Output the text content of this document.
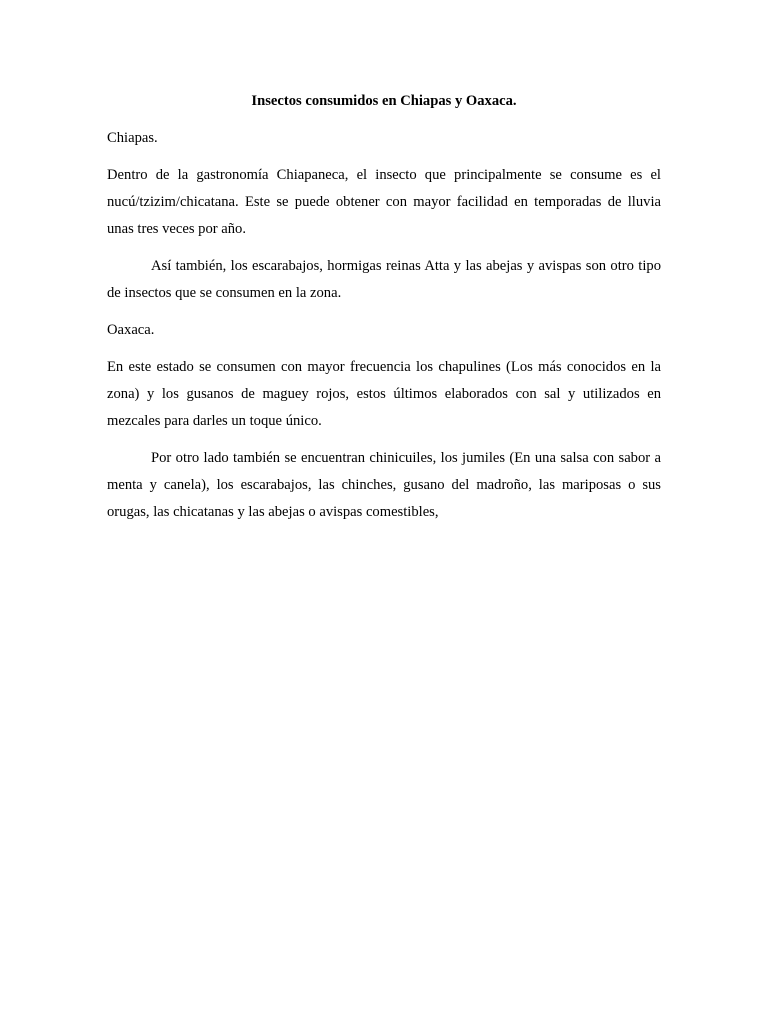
Insectos consumidos en Chiapas y Oaxaca.

Chiapas.

Dentro de la gastronomía Chiapaneca, el insecto que principalmente se consume es el nucú/tzizim/chicatana. Este se puede obtener con mayor facilidad en temporadas de lluvia unas tres veces por año.

Así también, los escarabajos, hormigas reinas Atta y las abejas y avispas son otro tipo de insectos que se consumen en la zona.

Oaxaca.

En este estado se consumen con mayor frecuencia los chapulines (Los más conocidos en la zona) y los gusanos de maguey rojos, estos últimos elaborados con sal y utilizados en mezcales para darles un toque único.

Por otro lado también se encuentran chinicuiles, los jumiles (En una salsa con sabor a menta y canela), los escarabajos, las chinches, gusano del madroño, las mariposas o sus orugas, las chicatanas y las abejas o avispas comestibles,
